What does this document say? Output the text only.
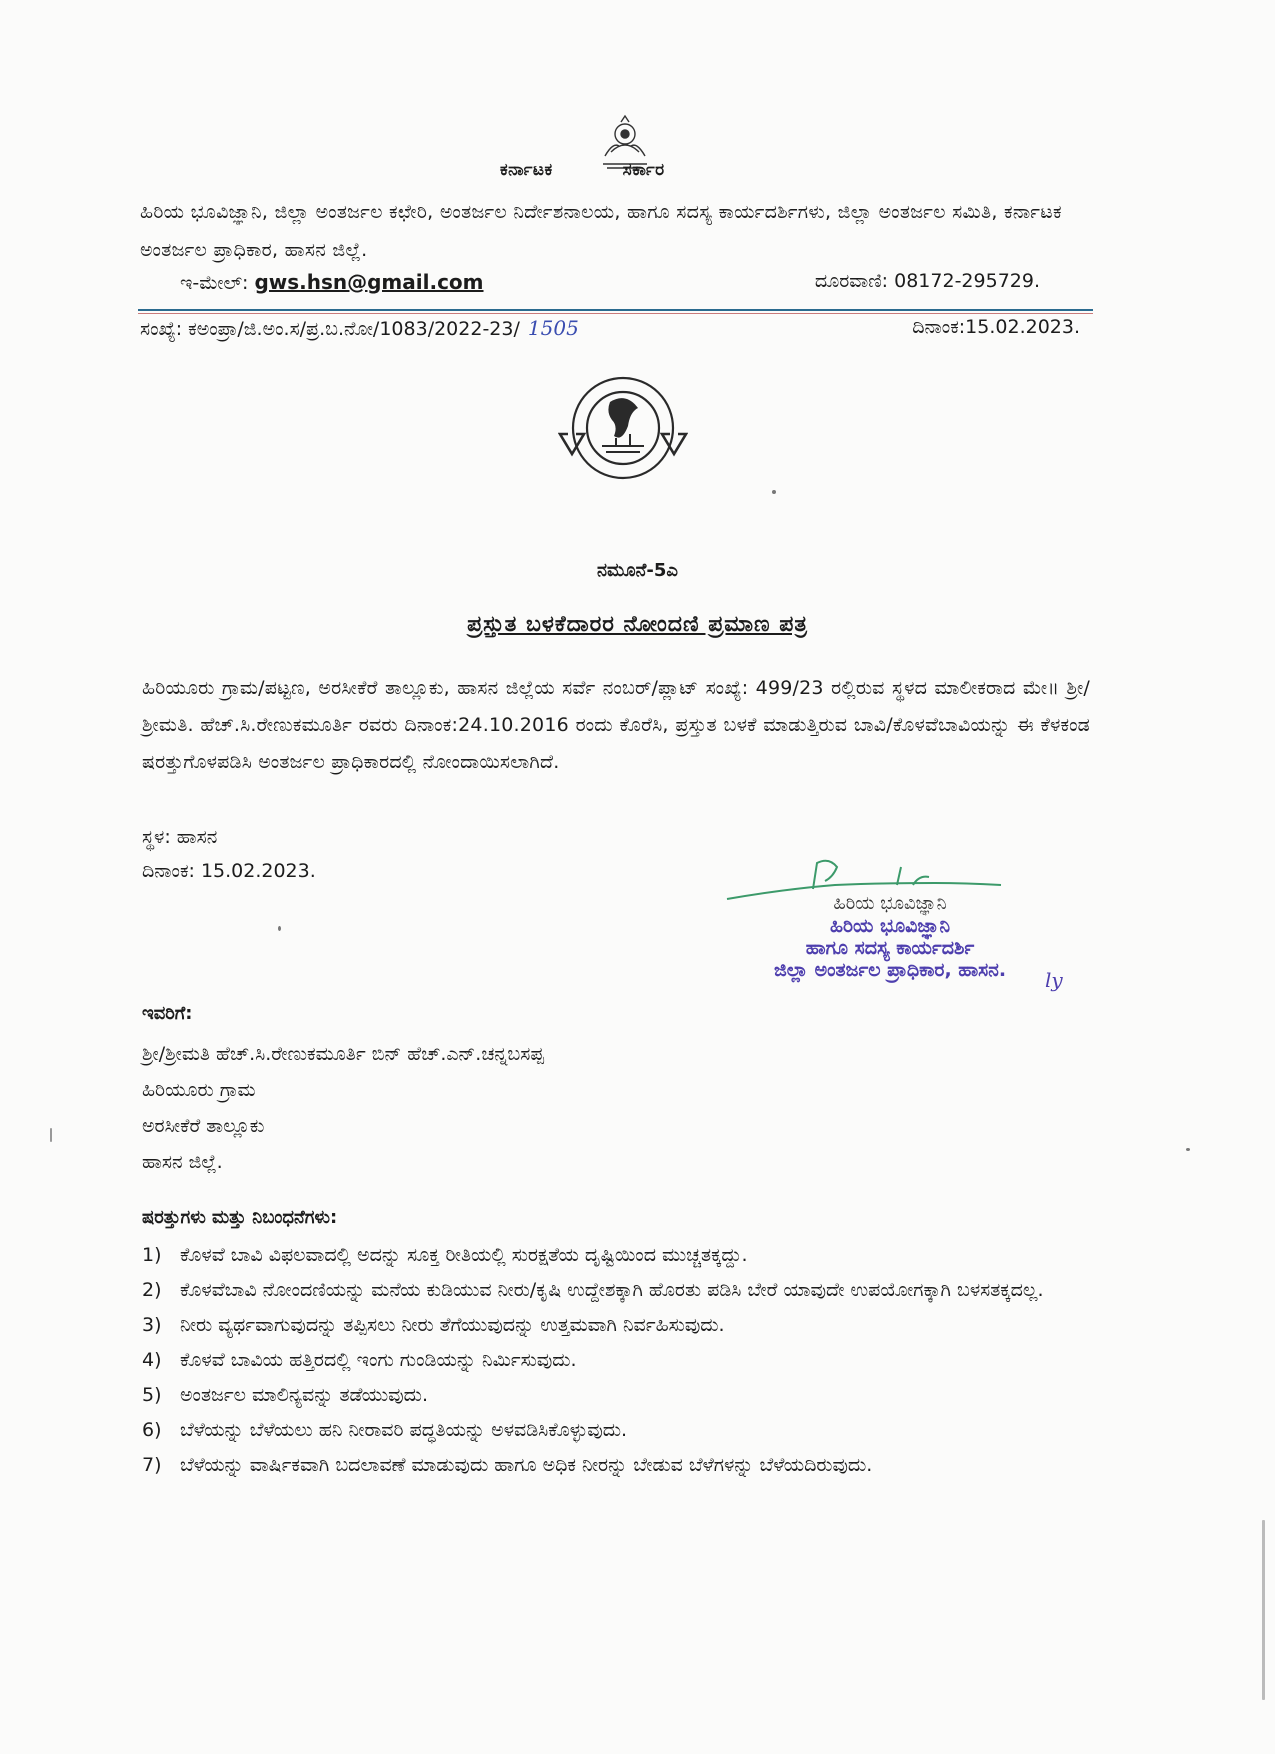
ಕರ್ನಾಟಕ	ಸರ್ಕಾರ
ಹಿರಿಯ ಭೂವಿಜ್ಞಾನಿ, ಜಿಲ್ಲಾ ಅಂತರ್ಜಲ ಕಛೇರಿ, ಅಂತರ್ಜಲ ನಿರ್ದೇಶನಾಲಯ, ಹಾಗೂ ಸದಸ್ಯ ಕಾರ್ಯದರ್ಶಿಗಳು, ಜಿಲ್ಲಾ ಅಂತರ್ಜಲ ಸಮಿತಿ, ಕರ್ನಾಟಕ ಅಂತರ್ಜಲ ಪ್ರಾಧಿಕಾರ, ಹಾಸನ ಜಿಲ್ಲೆ.
ಇ-ಮೇಲ್: gws.hsn@gmail.com	ದೂರವಾಣಿ: 08172-295729.
ಸಂಖ್ಯೆ: ಕಅಂಪ್ರಾ/ಜಿ.ಅಂ.ಸ/ಪ್ರ.ಬ.ನೋ/1083/2022-23/ 1505	ದಿನಾಂಕ:15.02.2023.
ನಮೂನೆ-5ಎ
ಪ್ರಸ್ತುತ ಬಳಕೆದಾರರ ನೋಂದಣಿ ಪ್ರಮಾಣ ಪತ್ರ
ಹಿರಿಯೂರು ಗ್ರಾಮ/ಪಟ್ಟಣ, ಅರಸೀಕೆರೆ ತಾಲ್ಲೂಕು, ಹಾಸನ ಜಿಲ್ಲೆಯ ಸರ್ವೆ ನಂಬರ್/ಪ್ಲಾಟ್ ಸಂಖ್ಯೆ: 499/23 ರಲ್ಲಿರುವ ಸ್ಥಳದ ಮಾಲೀಕರಾದ ಮೇ॥ ಶ್ರೀ/ಶ್ರೀಮತಿ. ಹೆಚ್.ಸಿ.ರೇಣುಕಮೂರ್ತಿ ರವರು ದಿನಾಂಕ:24.10.2016 ರಂದು ಕೊರೆಸಿ, ಪ್ರಸ್ತುತ ಬಳಕೆ ಮಾಡುತ್ತಿರುವ ಬಾವಿ/ಕೊಳವೆಬಾವಿಯನ್ನು ಈ ಕೆಳಕಂಡ ಷರತ್ತುಗೊಳಪಡಿಸಿ ಅಂತರ್ಜಲ ಪ್ರಾಧಿಕಾರದಲ್ಲಿ ನೋಂದಾಯಿಸಲಾಗಿದೆ.
ಸ್ಥಳ: ಹಾಸನ
ದಿನಾಂಕ: 15.02.2023.
ಹಿರಿಯ ಭೂವಿಜ್ಞಾನಿ
ಹಿರಿಯ ಭೂವಿಜ್ಞಾನಿ
ಹಾಗೂ ಸದಸ್ಯ ಕಾರ್ಯದರ್ಶಿ
ಜಿಲ್ಲಾ ಅಂತರ್ಜಲ ಪ್ರಾಧಿಕಾರ, ಹಾಸನ.	ly
ಇವರಿಗೆ:
ಶ್ರೀ/ಶ್ರೀಮತಿ ಹೆಚ್.ಸಿ.ರೇಣುಕಮೂರ್ತಿ ಬಿನ್ ಹೆಚ್.ಎನ್.ಚನ್ನಬಸಪ್ಪ
ಹಿರಿಯೂರು ಗ್ರಾಮ
ಅರಸೀಕೆರೆ ತಾಲ್ಲೂಕು
ಹಾಸನ ಜಿಲ್ಲೆ.
ಷರತ್ತುಗಳು ಮತ್ತು ನಿಬಂಧನೆಗಳು:
1) ಕೊಳವೆ ಬಾವಿ ವಿಫಲವಾದಲ್ಲಿ ಅದನ್ನು ಸೂಕ್ತ ರೀತಿಯಲ್ಲಿ ಸುರಕ್ಷತೆಯ ದೃಷ್ಟಿಯಿಂದ ಮುಚ್ಚತಕ್ಕದ್ದು.
2) ಕೊಳವೆಬಾವಿ ನೋಂದಣಿಯನ್ನು ಮನೆಯ ಕುಡಿಯುವ ನೀರು/ಕೃಷಿ ಉದ್ದೇಶಕ್ಕಾಗಿ ಹೊರತು ಪಡಿಸಿ ಬೇರೆ ಯಾವುದೇ ಉಪಯೋಗಕ್ಕಾಗಿ ಬಳಸತಕ್ಕದಲ್ಲ.
3) ನೀರು ವ್ಯರ್ಥವಾಗುವುದನ್ನು ತಪ್ಪಿಸಲು ನೀರು ತೆಗೆಯುವುದನ್ನು ಉತ್ತಮವಾಗಿ ನಿರ್ವಹಿಸುವುದು.
4) ಕೊಳವೆ ಬಾವಿಯ ಹತ್ತಿರದಲ್ಲಿ ಇಂಗು ಗುಂಡಿಯನ್ನು ನಿರ್ಮಿಸುವುದು.
5) ಅಂತರ್ಜಲ ಮಾಲಿನ್ಯವನ್ನು ತಡೆಯುವುದು.
6) ಬೆಳೆಯನ್ನು ಬೆಳೆಯಲು ಹನಿ ನೀರಾವರಿ ಪದ್ಧತಿಯನ್ನು ಅಳವಡಿಸಿಕೊಳ್ಳುವುದು.
7) ಬೆಳೆಯನ್ನು ವಾರ್ಷಿಕವಾಗಿ ಬದಲಾವಣೆ ಮಾಡುವುದು ಹಾಗೂ ಅಧಿಕ ನೀರನ್ನು ಬೇಡುವ ಬೆಳೆಗಳನ್ನು ಬೆಳೆಯದಿರುವುದು.
